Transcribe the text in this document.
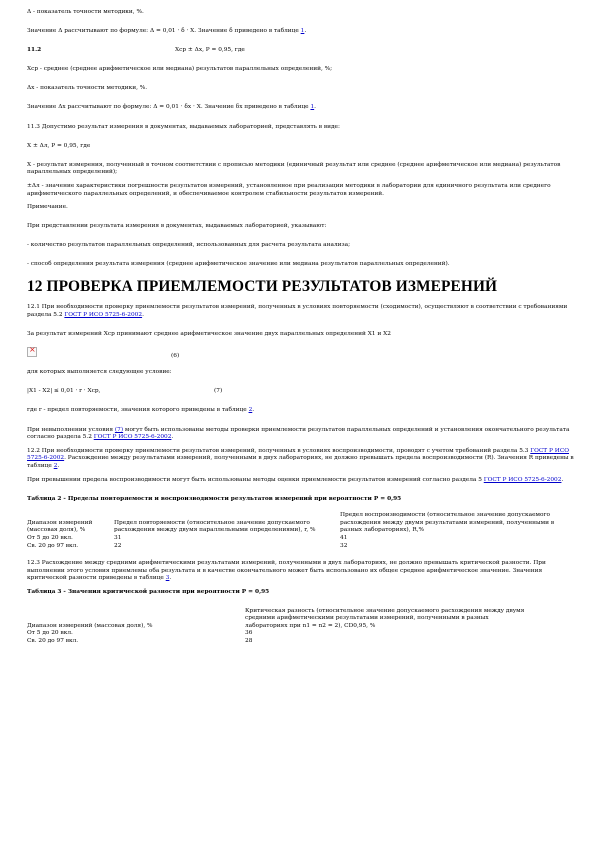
Δ - показатель точности методики, %.

Значение Δ рассчитывают по формуле: Δ = 0,01 · δ · X. Значение δ приведено в таблице 1.

11.2	Xср ± Δx, P = 0,95, где

Xср - среднее (среднее арифметическое или медиана) результатов параллельных определений, %;

Δx - показатель точности методики, %.

Значение Δx рассчитывают по формуле: Δ = 0,01 · δx · X. Значение δx приведено в таблице 1.

11.3 Допустимо результат измерения в документах, выдаваемых лабораторией, представлять в виде:

X ± Δл, P = 0,95, где

X - результат измерения, полученный в точном соответствии с прописью методики (единичный результат или среднее (среднее арифметическое или медиана) результатов параллельных определений);

±Δл - значение характеристики погрешности результатов измерений, установленное при реализации методики в лаборатории для единичного результата или среднего арифметического параллельных определений, и обеспечиваемое контролем стабильности результатов измерений.

Примечание.

При представлении результата измерения в документах, выдаваемых лабораторией, указывают:

- количество результатов параллельных определений, использованных для расчета результата анализа;

- способ определения результата измерения (среднее арифметическое значение или медиана результатов параллельных определений).

12 ПРОВЕРКА ПРИЕМЛЕМОСТИ РЕЗУЛЬТАТОВ ИЗМЕРЕНИЙ

12.1 При необходимости проверку приемлемости результатов измерений, полученных в условиях повторяемости (сходимости), осуществляют в соответствии с требованиями раздела 5.2 ГОСТ Р ИСО 5725-6-2002.

За результат измерений Xср принимают среднее арифметическое значение двух параллельных определений X1 и X2

×
(6)

для которых выполняется следующее условие:

|X1 - X2| ≤ 0,01 · r · Xср,	(7)

где r - предел повторяемости, значения которого приведены в таблице 2.

При невыполнении условия (7) могут быть использованы методы проверки приемлемости результатов параллельных определений и установления окончательного результата согласно раздела 5.2 ГОСТ Р ИСО 5725-6-2002.

12.2 При необходимости проверку приемлемости результатов измерений, полученных в условиях воспроизводимости, проводят с учетом требований раздела 5.3 ГОСТ Р ИСО 5725-6-2002. Расхождение между результатами измерений, полученными в двух лабораториях, не должно превышать предела воспроизводимости (R). Значения R приведены в таблице 2.

При превышении предела воспроизводимости могут быть использованы методы оценки приемлемости результатов измерений согласно раздела 5 ГОСТ Р ИСО 5725-6-2002.

Таблица 2 - Пределы повторяемости и воспроизводимости результатов измерений при вероятности P = 0,95

Диапазон измерений (массовая доля), %	Предел повторяемости (относительное значение допускаемого расхождения между двумя параллельными определениями), r, %	Предел воспроизводимости (относительное значение допускаемого расхождения между двумя результатами измерений, полученными в разных лабораториях), R,%
От 5 до 20 вкл.	31	41
Св. 20 до 97 вкл.	22	32

12.3 Расхождение между средними арифметическими результатами измерений, полученными в двух лабораториях, не должно превышать критической разности. При выполнении этого условия приемлемы оба результата и в качестве окончательного может быть использовано их общее среднее арифметическое значение. Значения критической разности приведены в таблице 3.

Таблица 3 - Значения критической разности при вероятности P = 0,95

Диапазон измерений (массовая доля), %	Критическая разность (относительное значение допускаемого расхождения между двумя средними арифметическими результатами измерений, полученными в разных лабораториях при n1 = n2 = 2), CD0,95, %
От 5 до 20 вкл.	36
Св. 20 до 97 вкл.	28
